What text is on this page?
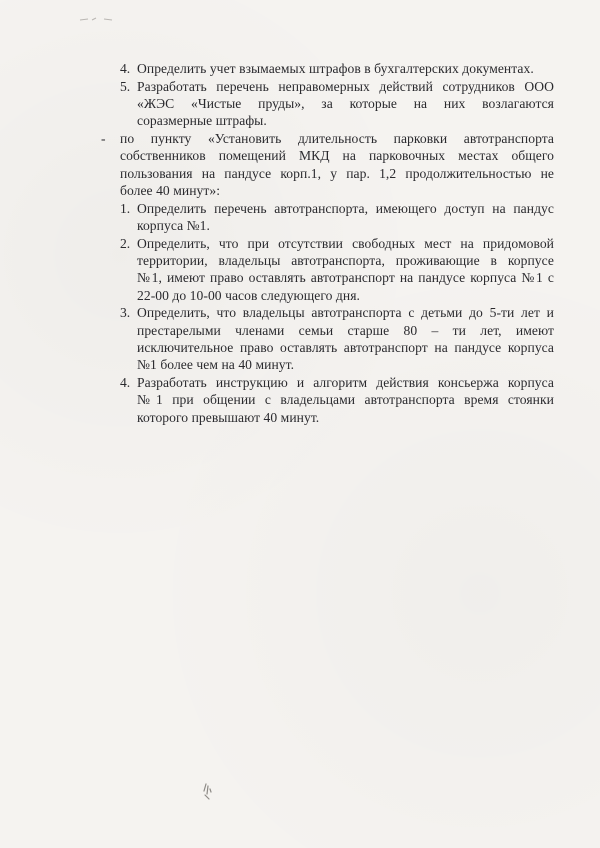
4. Определить учет взымаемых штрафов в бухгалтерских документах.
5. Разработать перечень неправомерных действий сотрудников ООО
«ЖЭС «Чистые пруды», за которые на них возлагаются
соразмерные штрафы.
- по пункту «Установить длительность парковки автотранспорта
собственников помещений МКД на парковочных местах общего
пользования на пандусе корп.1, у пар. 1,2 продолжительностью не
более 40 минут»:
1. Определить перечень автотранспорта, имеющего доступ на пандус
корпуса №1.
2. Определить, что при отсутствии свободных мест на придомовой
территории, владельцы автотранспорта, проживающие в корпусе
№1, имеют право оставлять автотранспорт на пандусе корпуса №1 с
22-00 до 10-00 часов следующего дня.
3. Определить, что владельцы автотранспорта с детьми до 5-ти лет и
престарелыми членами семьи старше 80 – ти лет, имеют
исключительное право оставлять автотранспорт на пандусе корпуса
№1 более чем на 40 минут.
4. Разработать инструкцию и алгоритм действия консьержа корпуса
№1 при общении с владельцами автотранспорта время стоянки
которого превышают 40 минут.
